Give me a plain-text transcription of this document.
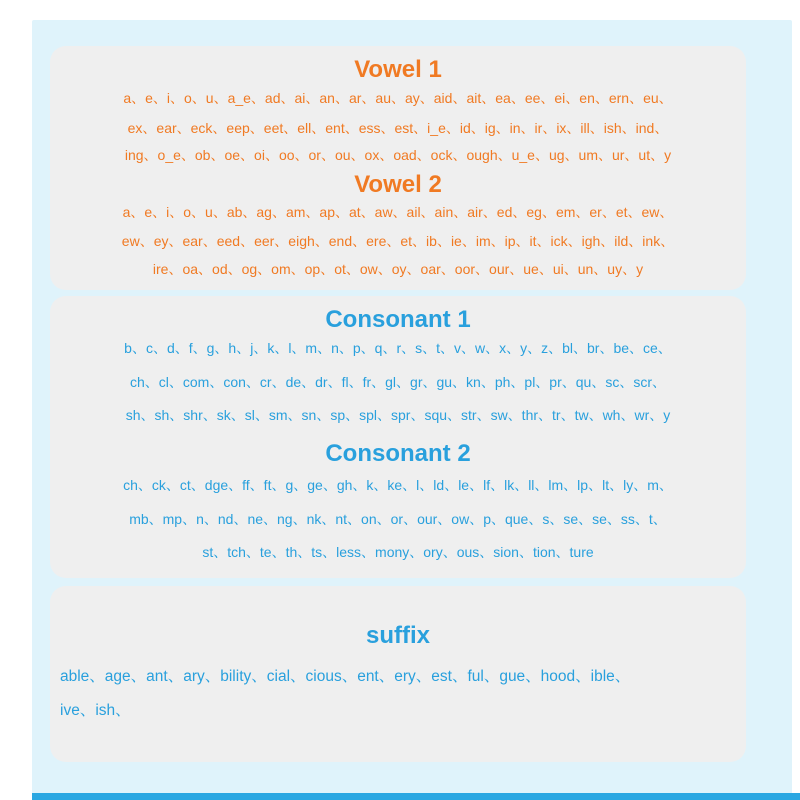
Vowel 1
a、e、i、o、u、a_e、ad、ai、an、ar、au、ay、aid、ait、ea、ee、ei、en、ern、eu、
ex、ear、eck、eep、eet、ell、ent、ess、est、i_e、id、ig、in、ir、ix、ill、ish、ind、
ing、o_e、ob、oe、oi、oo、or、ou、ox、oad、ock、ough、u_e、ug、um、ur、ut、y
Vowel 2
a、e、i、o、u、ab、ag、am、ap、at、aw、ail、ain、air、ed、eg、em、er、et、ew、
ew、ey、ear、eed、eer、eigh、end、ere、et、ib、ie、im、ip、it、ick、igh、ild、ink、
ire、oa、od、og、om、op、ot、ow、oy、oar、oor、our、ue、ui、un、uy、y
Consonant 1
b、c、d、f、g、h、j、k、l、m、n、p、q、r、s、t、v、w、x、y、z、bl、br、be、ce、
ch、cl、com、con、cr、de、dr、fl、fr、gl、gr、gu、kn、ph、pl、pr、qu、sc、scr、
sh、sh、shr、sk、sl、sm、sn、sp、spl、spr、squ、str、sw、thr、tr、tw、wh、wr、y
Consonant 2
ch、ck、ct、dge、ff、ft、g、ge、gh、k、ke、l、ld、le、lf、lk、ll、lm、lp、lt、ly、m、
mb、mp、n、nd、ne、ng、nk、nt、on、or、our、ow、p、que、s、se、se、ss、t、
st、tch、te、th、ts、less、mony、ory、ous、sion、tion、ture
suffix
able、age、ant、ary、bility、cial、cious、ent、ery、est、ful、gue、hood、ible、
ive、ish、
